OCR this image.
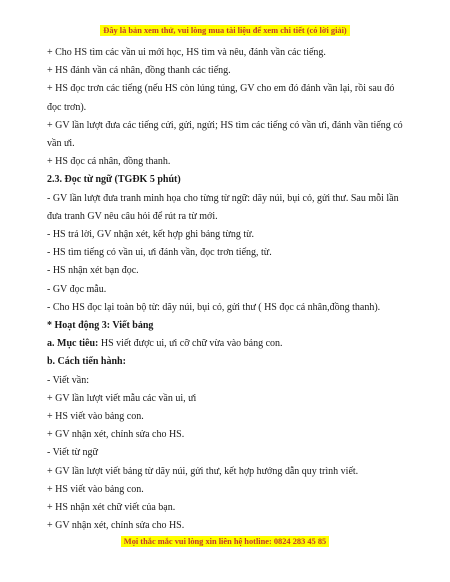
Đây là bản xem thử, vui lòng mua tài liệu để xem chi tiết (có lời giải)

+ Cho HS tìm các vần ui mới học, HS tìm và nêu, đánh vần các tiếng.

+ HS đánh vần cá nhân, đồng thanh các tiếng.

+ HS đọc trơn các tiếng (nếu HS còn lúng túng, GV cho em đó đánh vần lại, rồi sau đó đọc trơn).

+ GV lần lượt đưa các tiếng cửi, gửi, ngửi; HS tìm các tiếng có vần ưi, đánh vần tiếng có vần ưi.

+ HS đọc cá nhân, đồng thanh.

2.3. Đọc từ ngữ (TGĐK 5 phút)

- GV lần lượt đưa tranh minh họa cho từng từ ngữ: dãy núi, bụi cỏ, gửi thư. Sau mỗi lần đưa tranh GV nêu câu hỏi để rút ra từ mới.

- HS trả lời, GV nhận xét, kết hợp ghi bảng từng từ.

- HS tìm tiếng có vần ui, ưi đánh vần, đọc trơn tiếng, từ.

- HS nhận xét bạn đọc.

- GV đọc mẫu.

- Cho HS đọc lại toàn bộ từ: dãy núi, bụi cỏ, gửi thư ( HS đọc cá nhân,đồng thanh).

* Hoạt động 3: Viết bảng

a. Mục tiêu: HS viết được ui, ưi cỡ chữ vừa vào bảng con.

b. Cách tiến hành:

- Viết vần:

+ GV lần lượt viết mẫu các vần ui, ưi

+ HS viết vào bảng con.

+ GV nhận xét, chỉnh sửa cho HS.

- Viết từ ngữ

+ GV lần lượt viết bảng từ dãy núi, gửi thư, kết hợp hướng dẫn quy trình viết.

+ HS viết vào bảng con.

+ HS nhận xét chữ viết của bạn.

+ GV nhận xét, chỉnh sửa cho HS.

Mọi thắc mắc vui lòng xin liên hệ hotline: 0824 283 45 85
